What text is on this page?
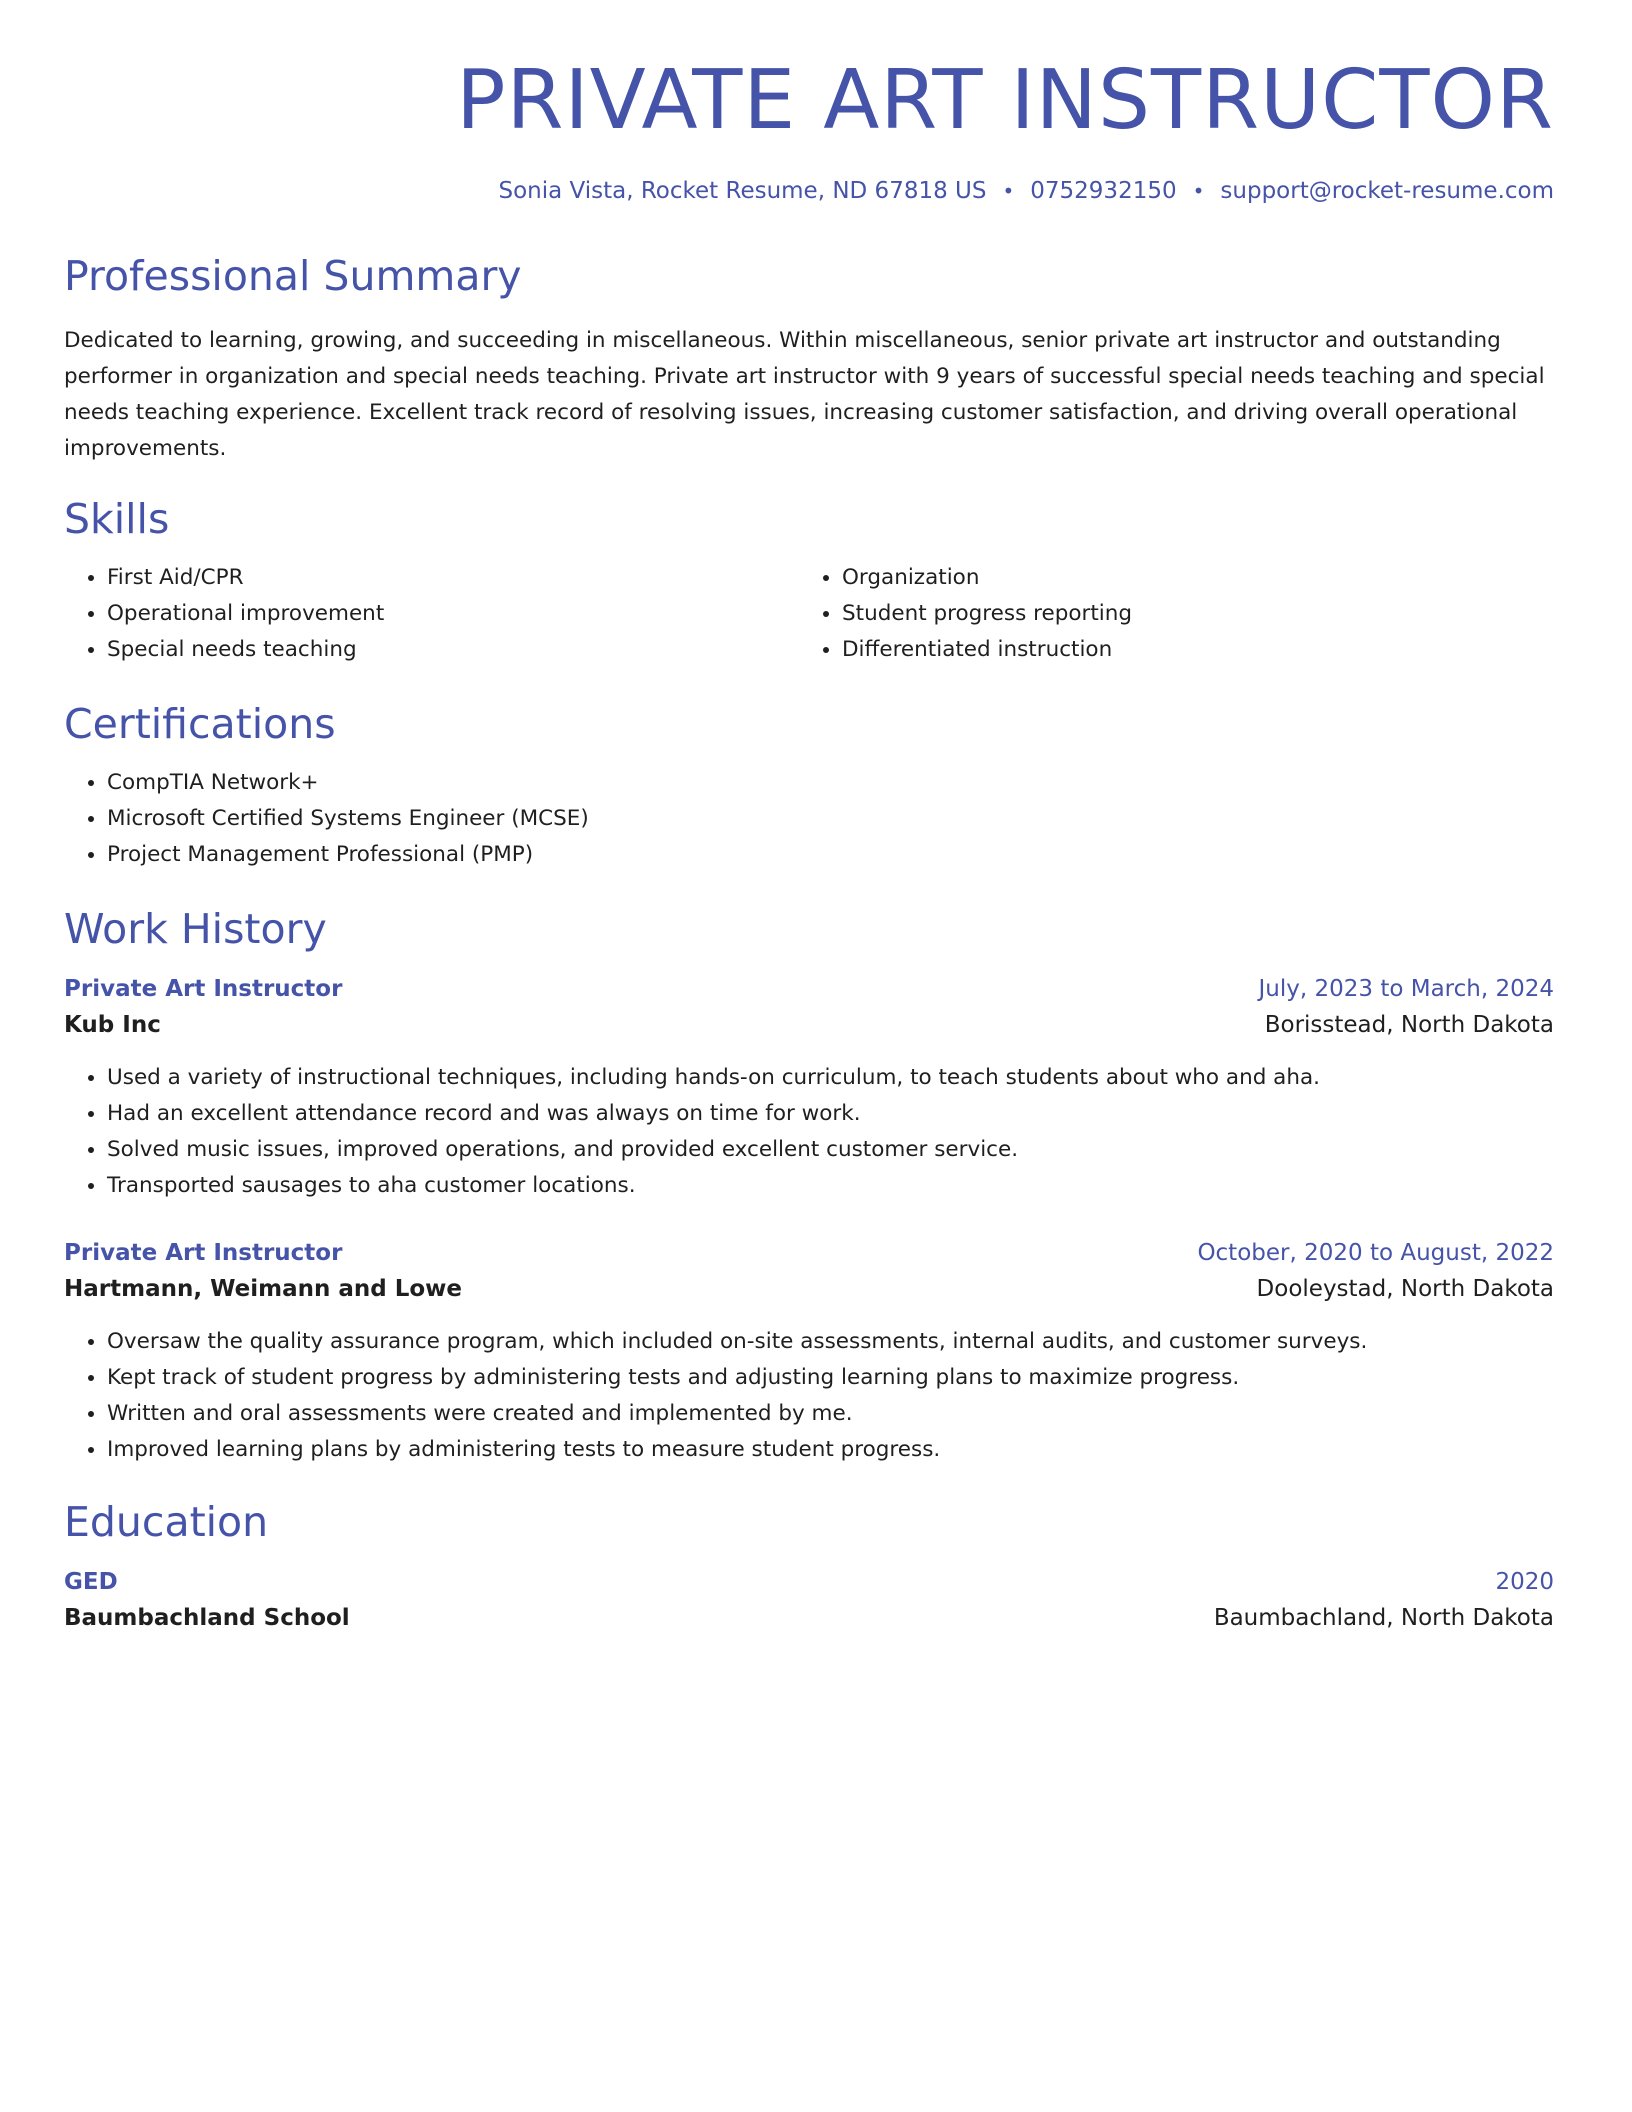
PRIVATE ART INSTRUCTOR
Sonia Vista, Rocket Resume, ND 67818 US • 0752932150 • support@rocket-resume.com
Professional Summary
Dedicated to learning, growing, and succeeding in miscellaneous. Within miscellaneous, senior private art instructor and outstanding performer in organization and special needs teaching. Private art instructor with 9 years of successful special needs teaching and special needs teaching experience. Excellent track record of resolving issues, increasing customer satisfaction, and driving overall operational improvements.
Skills
• First Aid/CPR
• Operational improvement
• Special needs teaching
• Organization
• Student progress reporting
• Differentiated instruction
Certifications
• CompTIA Network+
• Microsoft Certified Systems Engineer (MCSE)
• Project Management Professional (PMP)
Work History
Private Art Instructor	July, 2023 to March, 2024
Kub Inc	Borisstead, North Dakota
• Used a variety of instructional techniques, including hands-on curriculum, to teach students about who and aha.
• Had an excellent attendance record and was always on time for work.
• Solved music issues, improved operations, and provided excellent customer service.
• Transported sausages to aha customer locations.
Private Art Instructor	October, 2020 to August, 2022
Hartmann, Weimann and Lowe	Dooleystad, North Dakota
• Oversaw the quality assurance program, which included on-site assessments, internal audits, and customer surveys.
• Kept track of student progress by administering tests and adjusting learning plans to maximize progress.
• Written and oral assessments were created and implemented by me.
• Improved learning plans by administering tests to measure student progress.
Education
GED	2020
Baumbachland School	Baumbachland, North Dakota
